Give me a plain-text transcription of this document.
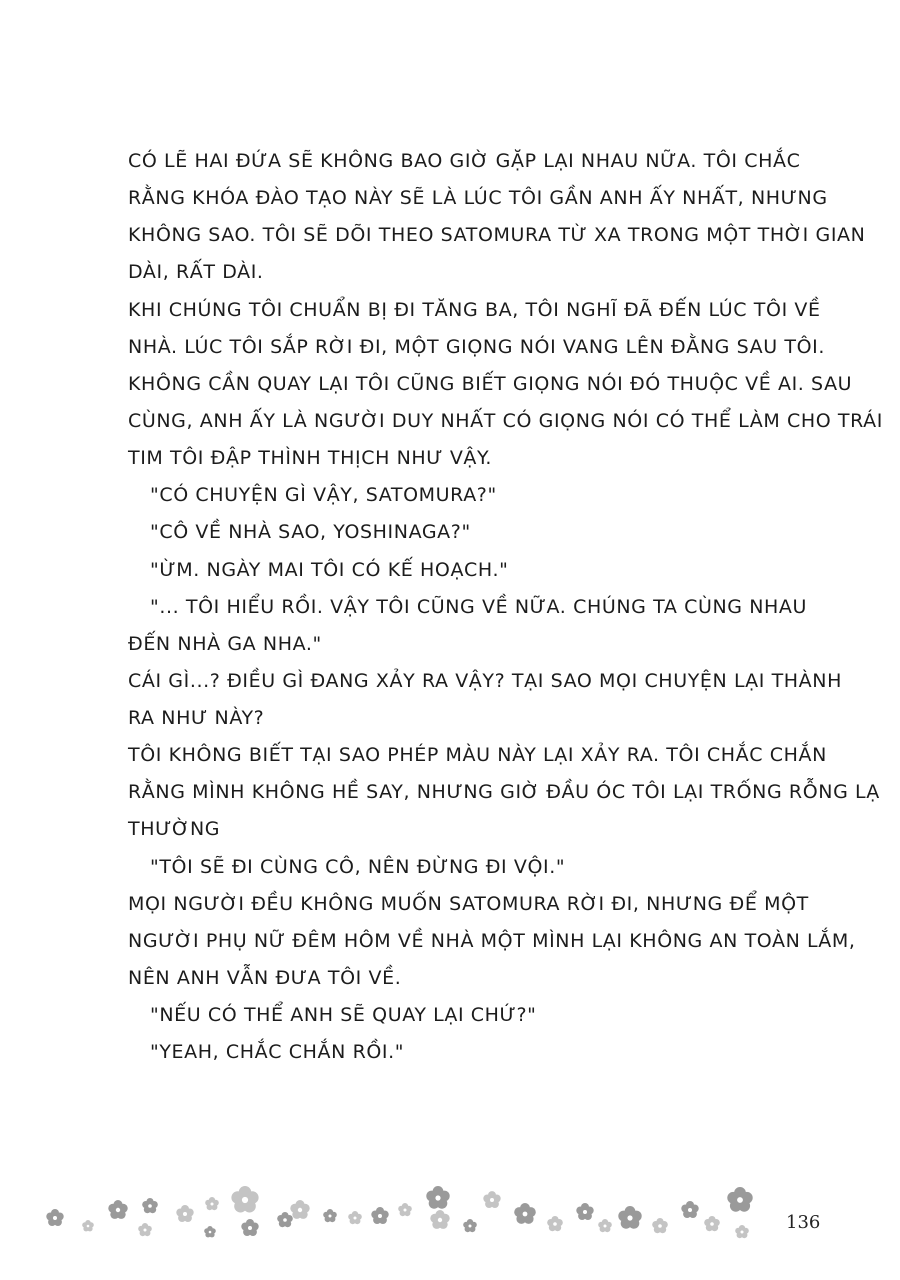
CÓ LẼ HAI ĐỨA SẼ KHÔNG BAO GIỜ GẶP LẠI NHAU NỮA. TÔI CHẮC
RẰNG KHÓA ĐÀO TẠO NÀY SẼ LÀ LÚC TÔI GẦN ANH ẤY NHẤT, NHƯNG
KHÔNG SAO. TÔI SẼ DÕI THEO SATOMURA TỪ XA TRONG MỘT THỜI GIAN
DÀI, RẤT DÀI.
KHI CHÚNG TÔI CHUẨN BỊ ĐI TĂNG BA, TÔI NGHĨ ĐÃ ĐẾN LÚC TÔI VỀ
NHÀ. LÚC TÔI SẮP RỜI ĐI, MỘT GIỌNG NÓI VANG LÊN ĐẰNG SAU TÔI.
KHÔNG CẦN QUAY LẠI TÔI CŨNG BIẾT GIỌNG NÓI ĐÓ THUỘC VỀ AI. SAU
CÙNG, ANH ẤY LÀ NGƯỜI DUY NHẤT CÓ GIỌNG NÓI CÓ THỂ LÀM CHO TRÁI
TIM TÔI ĐẬP THÌNH THỊCH NHƯ VẬY.
"CÓ CHUYỆN GÌ VẬY, SATOMURA?"
"CÔ VỀ NHÀ SAO, YOSHINAGA?"
"ỪM. NGÀY MAI TÔI CÓ KẾ HOẠCH."
"... TÔI HIỂU RỒI. VẬY TÔI CŨNG VỀ NỮA. CHÚNG TA CÙNG NHAU
ĐẾN NHÀ GA NHA."
CÁI GÌ...? ĐIỀU GÌ ĐANG XẢY RA VẬY? TẠI SAO MỌI CHUYỆN LẠI THÀNH
RA NHƯ NÀY?
TÔI KHÔNG BIẾT TẠI SAO PHÉP MÀU NÀY LẠI XẢY RA. TÔI CHẮC CHẮN
RẰNG MÌNH KHÔNG HỀ SAY, NHƯNG GIỜ ĐẦU ÓC TÔI LẠI TRỐNG RỖNG LẠ
THƯỜNG
"TÔI SẼ ĐI CÙNG CÔ, NÊN ĐỪNG ĐI VỘI."
MỌI NGƯỜI ĐỀU KHÔNG MUỐN SATOMURA RỜI ĐI, NHƯNG ĐỂ MỘT
NGƯỜI PHỤ NỮ ĐÊM HÔM VỀ NHÀ MỘT MÌNH LẠI KHÔNG AN TOÀN LẮM,
NÊN ANH VẪN ĐƯA TÔI VỀ.
"NẾU CÓ THỂ ANH SẼ QUAY LẠI CHỨ?"
"YEAH, CHẮC CHẮN RỒI."
136
